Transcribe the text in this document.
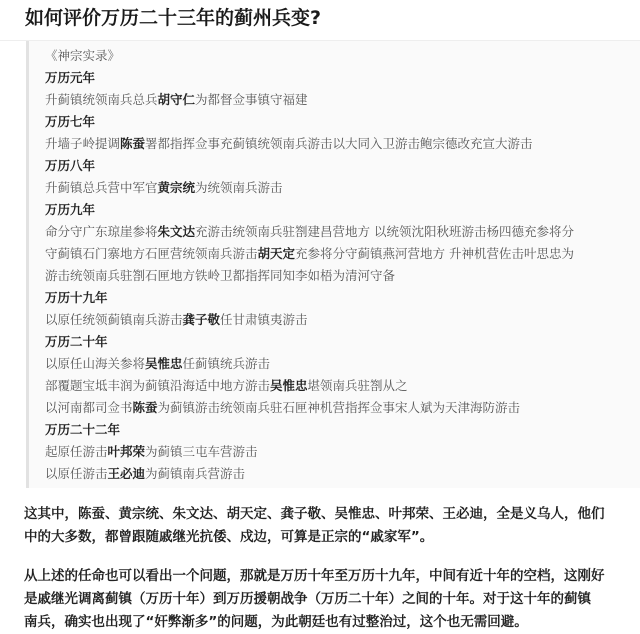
如何评价万历二十三年的蓟州兵变?
《神宗实录》
万历元年
升蓟镇统领南兵总兵胡守仁为都督佥事镇守福建
万历七年
升墙子岭提调陈蚕署都指挥佥事充蓟镇统领南兵游击以大同入卫游击鲍宗德改充宣大游击
万历八年
升蓟镇总兵营中军官黄宗统为统领南兵游击
万历九年
命分守广东琼崖参将朱文达充游击统领南兵驻劄建昌营地方 以统领沈阳秋班游击杨四德充参将分
守蓟镇石门寨地方石匣营统领南兵游击胡天定充参将分守蓟镇燕河营地方 升神机营佐击叶思忠为
游击统领南兵驻劄石匣地方铁岭卫都指挥同知李如梧为清河守备
万历十九年
以原任统领蓟镇南兵游击龚子敬任甘肃镇夷游击
万历二十年
以原任山海关参将吴惟忠任蓟镇统兵游击
部覆题宝坻丰润为蓟镇沿海适中地方游击吴惟忠堪领南兵驻劄从之
以河南都司佥书陈蚕为蓟镇游击统领南兵驻石匣神机营指挥佥事宋人斌为天津海防游击
万历二十二年
起原任游击叶邦荣为蓟镇三屯车营游击
以原任游击王必迪为蓟镇南兵营游击
这其中，陈蚕、黄宗统、朱文达、胡天定、龚子敬、吴惟忠、叶邦荣、王必迪，全是义乌人，他们
中的大多数，都曾跟随戚继光抗倭、戍边，可算是正宗的“戚家军”。
从上述的任命也可以看出一个问题，那就是万历十年至万历十九年，中间有近十年的空档，这刚好
是戚继光调离蓟镇（万历十年）到万历援朝战争（万历二十年）之间的十年。对于这十年的蓟镇
南兵，确实也出现了“奸弊渐多”的问题，为此朝廷也有过整治过，这个也无需回避。
